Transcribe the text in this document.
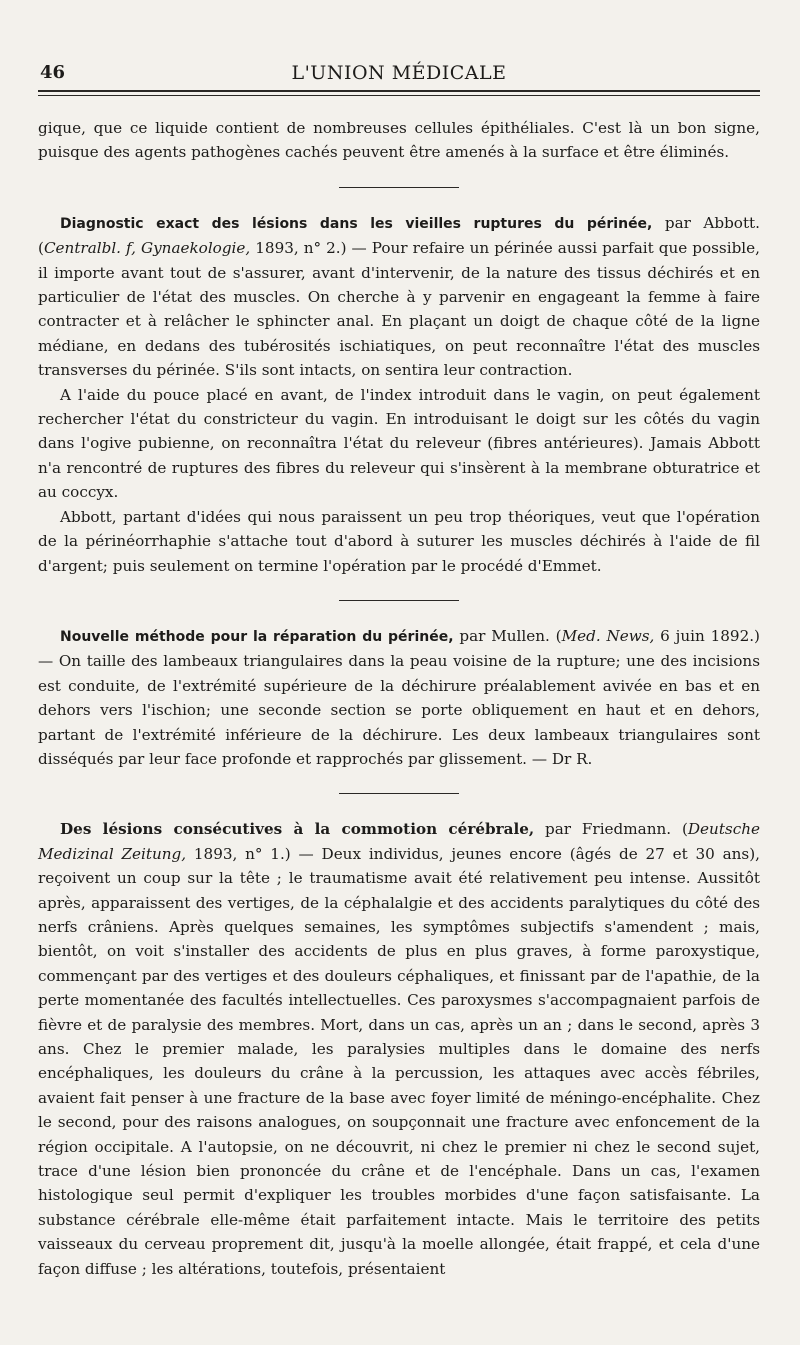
46	L'UNION MÉDICALE

gique, que ce liquide contient de nombreuses cellules épithéliales. C'est là un bon signe, puisque des agents pathogènes cachés peuvent être amenés à la surface et être éliminés.

Diagnostic exact des lésions dans les vieilles ruptures du périnée, par Abbott. (Centralbl. f, Gynaekologie, 1893, n° 2.) — Pour refaire un périnée aussi parfait que possible, il importe avant tout de s'assurer, avant d'intervenir, de la nature des tissus déchirés et en particulier de l'état des muscles. On cherche à y parvenir en engageant la femme à faire contracter et à relâcher le sphincter anal. En plaçant un doigt de chaque côté de la ligne médiane, en dedans des tubérosités ischiatiques, on peut reconnaître l'état des muscles transverses du périnée. S'ils sont intacts, on sentira leur contraction.

A l'aide du pouce placé en avant, de l'index introduit dans le vagin, on peut également rechercher l'état du constricteur du vagin. En introduisant le doigt sur les côtés du vagin dans l'ogive pubienne, on reconnaîtra l'état du releveur (fibres antérieures). Jamais Abbott n'a rencontré de ruptures des fibres du releveur qui s'insèrent à la membrane obturatrice et au coccyx.

Abbott, partant d'idées qui nous paraissent un peu trop théoriques, veut que l'opération de la périnéorrhaphie s'attache tout d'abord à suturer les muscles déchirés à l'aide de fil d'argent; puis seulement on termine l'opération par le procédé d'Emmet.

Nouvelle méthode pour la réparation du périnée, par Mullen. (Med. News, 6 juin 1892.) — On taille des lambeaux triangulaires dans la peau voisine de la rupture; une des incisions est conduite, de l'extrémité supérieure de la déchirure préalablement avivée en bas et en dehors vers l'ischion; une seconde section se porte obliquement en haut et en dehors, partant de l'extrémité inférieure de la déchirure. Les deux lambeaux triangulaires sont disséqués par leur face profonde et rapprochés par glissement. — Dr R.

Des lésions consécutives à la commotion cérébrale, par Friedmann. (Deutsche Medizinal Zeitung, 1893, n° 1.) — Deux individus, jeunes encore (âgés de 27 et 30 ans), reçoivent un coup sur la tête ; le traumatisme avait été relativement peu intense. Aussitôt après, apparaissent des vertiges, de la céphalalgie et des accidents paralytiques du côté des nerfs crâniens. Après quelques semaines, les symptômes subjectifs s'amendent ; mais, bientôt, on voit s'installer des accidents de plus en plus graves, à forme paroxystique, commençant par des vertiges et des douleurs céphaliques, et finissant par de l'apathie, de la perte momentanée des facultés intellectuelles. Ces paroxysmes s'accompagnaient parfois de fièvre et de paralysie des membres. Mort, dans un cas, après un an ; dans le second, après 3 ans. Chez le premier malade, les paralysies multiples dans le domaine des nerfs encéphaliques, les douleurs du crâne à la percussion, les attaques avec accès fébriles, avaient fait penser à une fracture de la base avec foyer limité de méningo-encéphalite. Chez le second, pour des raisons analogues, on soupçonnait une fracture avec enfoncement de la région occipitale. A l'autopsie, on ne découvrit, ni chez le premier ni chez le second sujet, trace d'une lésion bien prononcée du crâne et de l'encéphale. Dans un cas, l'examen histologique seul permit d'expliquer les troubles morbides d'une façon satisfaisante. La substance cérébrale elle-même était parfaitement intacte. Mais le territoire des petits vaisseaux du cerveau proprement dit, jusqu'à la moelle allongée, était frappé, et cela d'une façon diffuse ; les altérations, toutefois, présentaient
